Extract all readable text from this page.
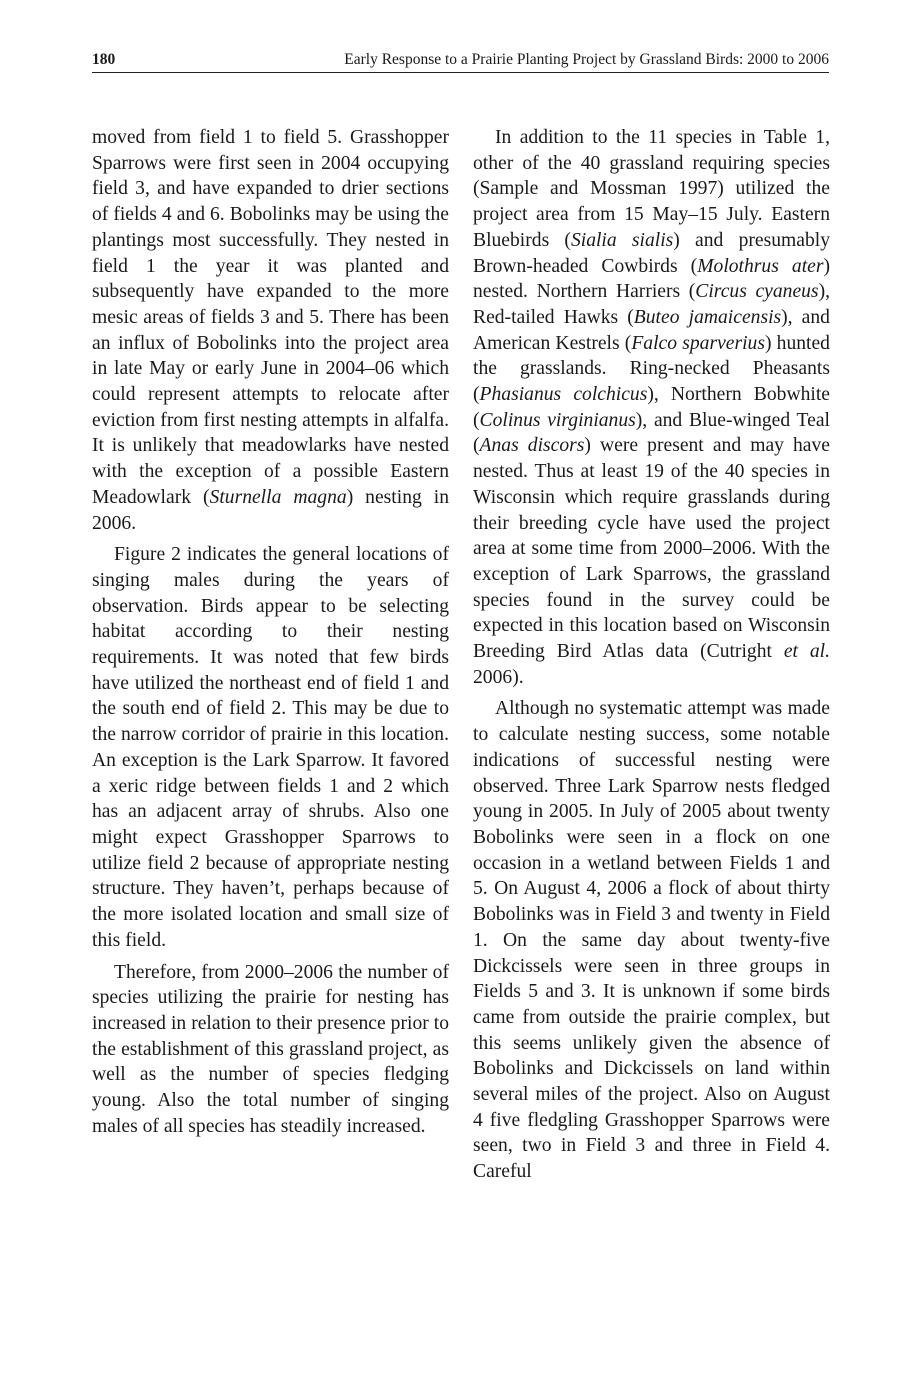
180	Early Response to a Prairie Planting Project by Grassland Birds: 2000 to 2006

moved from field 1 to field 5. Grasshopper Sparrows were first seen in 2004 occupying field 3, and have expanded to drier sections of fields 4 and 6. Bobolinks may be using the plantings most successfully. They nested in field 1 the year it was planted and subsequently have expanded to the more mesic areas of fields 3 and 5. There has been an influx of Bobolinks into the project area in late May or early June in 2004–06 which could represent attempts to relocate after eviction from first nesting attempts in alfalfa. It is unlikely that meadowlarks have nested with the exception of a possible Eastern Meadowlark (Sturnella magna) nesting in 2006.

Figure 2 indicates the general locations of singing males during the years of observation. Birds appear to be selecting habitat according to their nesting requirements. It was noted that few birds have utilized the northeast end of field 1 and the south end of field 2. This may be due to the narrow corridor of prairie in this location. An exception is the Lark Sparrow. It favored a xeric ridge between fields 1 and 2 which has an adjacent array of shrubs. Also one might expect Grasshopper Sparrows to utilize field 2 because of appropriate nesting structure. They haven’t, perhaps because of the more isolated location and small size of this field.

Therefore, from 2000–2006 the number of species utilizing the prairie for nesting has increased in relation to their presence prior to the establishment of this grassland project, as well as the number of species fledging young. Also the total number of singing males of all species has steadily increased.

In addition to the 11 species in Table 1, other of the 40 grassland requiring species (Sample and Mossman 1997) utilized the project area from 15 May–15 July. Eastern Bluebirds (Sialia sialis) and presumably Brown-headed Cowbirds (Molothrus ater) nested. Northern Harriers (Circus cyaneus), Red-tailed Hawks (Buteo jamaicensis), and American Kestrels (Falco sparverius) hunted the grasslands. Ring-necked Pheasants (Phasianus colchicus), Northern Bobwhite (Colinus virginianus), and Blue-winged Teal (Anas discors) were present and may have nested. Thus at least 19 of the 40 species in Wisconsin which require grasslands during their breeding cycle have used the project area at some time from 2000–2006. With the exception of Lark Sparrows, the grassland species found in the survey could be expected in this location based on Wisconsin Breeding Bird Atlas data (Cutright et al. 2006).

Although no systematic attempt was made to calculate nesting success, some notable indications of successful nesting were observed. Three Lark Sparrow nests fledged young in 2005. In July of 2005 about twenty Bobolinks were seen in a flock on one occasion in a wetland between Fields 1 and 5. On August 4, 2006 a flock of about thirty Bobolinks was in Field 3 and twenty in Field 1. On the same day about twenty-five Dickcissels were seen in three groups in Fields 5 and 3. It is unknown if some birds came from outside the prairie complex, but this seems unlikely given the absence of Bobolinks and Dickcissels on land within several miles of the project. Also on August 4 five fledgling Grasshopper Sparrows were seen, two in Field 3 and three in Field 4. Careful
